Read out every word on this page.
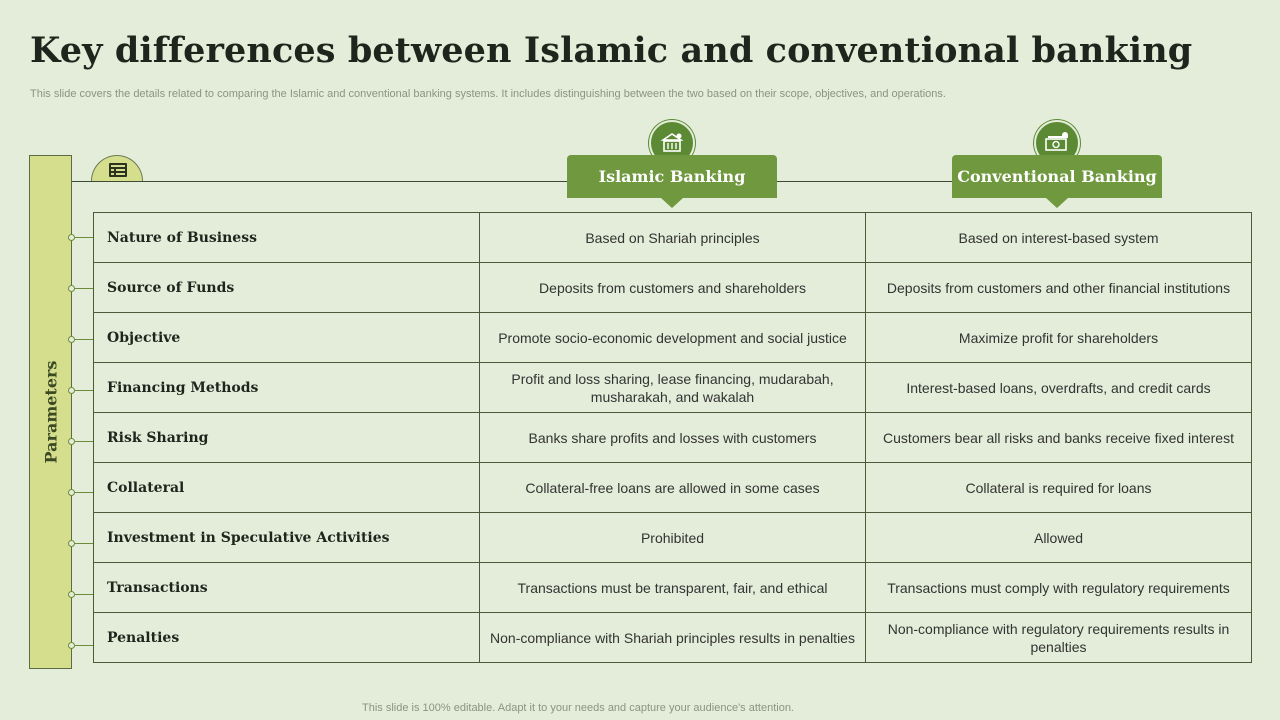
Key differences between Islamic and conventional banking

This slide covers the details related to comparing the Islamic and conventional banking systems. It includes distinguishing between the two based on their scope, objectives, and operations.

Parameters
Islamic Banking	Conventional Banking
Nature of Business	Based on Shariah principles	Based on interest-based system
Source of Funds	Deposits from customers and shareholders	Deposits from customers and other financial institutions
Objective	Promote socio-economic development and social justice	Maximize profit for shareholders
Financing Methods	Profit and loss sharing, lease financing, mudarabah, musharakah, and wakalah	Interest-based loans, overdrafts, and credit cards
Risk Sharing	Banks share profits and losses with customers	Customers bear all risks and banks receive fixed interest
Collateral	Collateral-free loans are allowed in some cases	Collateral is required for loans
Investment in Speculative Activities	Prohibited	Allowed
Transactions	Transactions must be transparent, fair, and ethical	Transactions must comply with regulatory requirements
Penalties	Non-compliance with Shariah principles results in penalties	Non-compliance with regulatory requirements results in penalties
This slide is 100% editable. Adapt it to your needs and capture your audience's attention.
